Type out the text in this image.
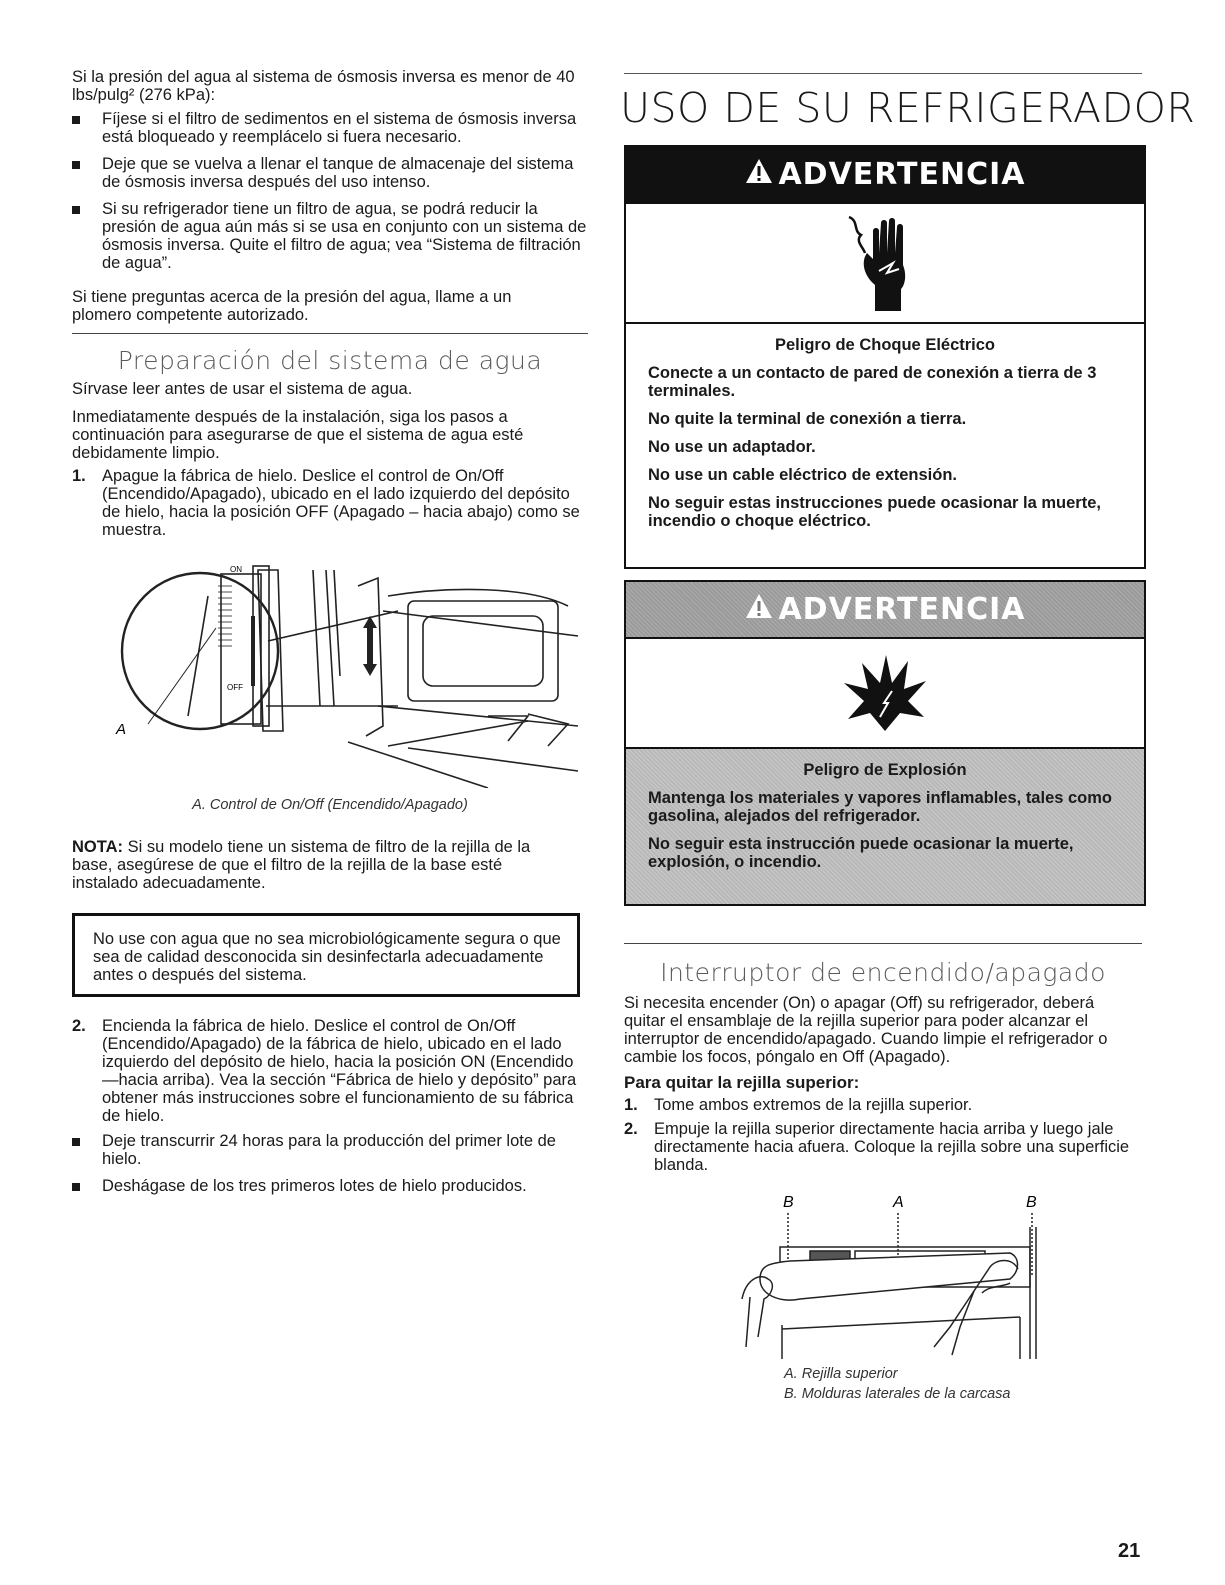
Si la presión del agua al sistema de ósmosis inversa es menor de 40 lbs/pulg² (276 kPa):

Fíjese si el filtro de sedimentos en el sistema de ósmosis inversa está bloqueado y reemplácelo si fuera necesario.

Deje que se vuelva a llenar el tanque de almacenaje del sistema de ósmosis inversa después del uso intenso.

Si su refrigerador tiene un filtro de agua, se podrá reducir la presión de agua aún más si se usa en conjunto con un sistema de ósmosis inversa. Quite el filtro de agua; vea “Sistema de filtración de agua”.

Si tiene preguntas acerca de la presión del agua, llame a un plomero competente autorizado.

Preparación del sistema de agua

Sírvase leer antes de usar el sistema de agua.

Inmediatamente después de la instalación, siga los pasos a continuación para asegurarse de que el sistema de agua esté debidamente limpio.

1. Apague la fábrica de hielo. Deslice el control de On/Off (Encendido/Apagado), ubicado en el lado izquierdo del depósito de hielo, hacia la posición OFF (Apagado – hacia abajo) como se muestra.
ON
OFF
A

A. Control de On/Off (Encendido/Apagado)

NOTA: Si su modelo tiene un sistema de filtro de la rejilla de la base, asegúrese de que el filtro de la rejilla de la base esté instalado adecuadamente.

No use con agua que no sea microbiológicamente segura o que sea de calidad desconocida sin desinfectarla adecuadamente antes o después del sistema.

2. Encienda la fábrica de hielo. Deslice el control de On/Off (Encendido/Apagado) de la fábrica de hielo, ubicado en el lado izquierdo del depósito de hielo, hacia la posición ON (Encendido—hacia arriba). Vea la sección “Fábrica de hielo y depósito” para obtener más instrucciones sobre el funcionamiento de su fábrica de hielo.

Deje transcurrir 24 horas para la producción del primer lote de hielo.

Deshágase de los tres primeros lotes de hielo producidos.

USO DE SU REFRIGERADOR
ADVERTENCIA

Peligro de Choque Eléctrico

Conecte a un contacto de pared de conexión a tierra de 3 terminales.

No quite la terminal de conexión a tierra.

No use un adaptador.

No use un cable eléctrico de extensión.

No seguir estas instrucciones puede ocasionar la muerte, incendio o choque eléctrico.

ADVERTENCIA

Peligro de Explosión

Mantenga los materiales y vapores inflamables, tales como gasolina, alejados del refrigerador.

No seguir esta instrucción puede ocasionar la muerte, explosión, o incendio.

Interruptor de encendido/apagado

Si necesita encender (On) o apagar (Off) su refrigerador, deberá quitar el ensamblaje de la rejilla superior para poder alcanzar el interruptor de encendido/apagado. Cuando limpie el refrigerador o cambie los focos, póngalo en Off (Apagado).

Para quitar la rejilla superior:

1. Tome ambos extremos de la rejilla superior.
2. Empuje la rejilla superior directamente hacia arriba y luego jale directamente hacia afuera. Coloque la rejilla sobre una superficie blanda.
B	A	B

A. Rejilla superior

B. Molduras laterales de la carcasa

21
